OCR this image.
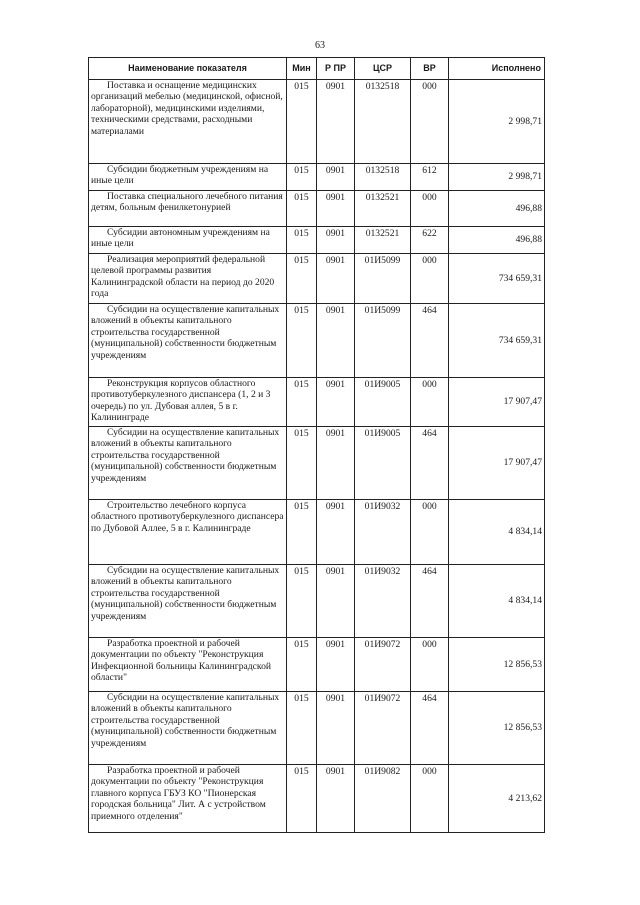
63
Наименование показателя	Мин	Р ПР	ЦСР	ВР	Исполнено

Поставка и оснащение медицинских организаций мебелью (медицинской, офисной, лабораторной), медицинскими изделиями, техническими средствами, расходными материалами	015	0901	0132518	000	2 998,71

Субсидии бюджетным учреждениям на иные цели	015	0901	0132518	612	2 998,71

Поставка специального лечебного питания детям, больным фенилкетонурией	015	0901	0132521	000	496,88

Субсидии автономным учреждениям на иные цели	015	0901	0132521	622	496,88

Реализация мероприятий федеральной целевой программы развития Калининградской области на период до 2020 года	015	0901	01И5099	000	734 659,31

Субсидии на осуществление капитальных вложений в объекты капитального строительства государственной (муниципальной) собственности бюджетным учреждениям	015	0901	01И5099	464	734 659,31

Реконструкция корпусов областного противотуберкулезного диспансера (1, 2 и 3 очередь) по ул. Дубовая аллея, 5 в г. Калининграде	015	0901	01И9005	000	17 907,47

Субсидии на осуществление капитальных вложений в объекты капитального строительства государственной (муниципальной) собственности бюджетным учреждениям	015	0901	01И9005	464	17 907,47

Строительство лечебного корпуса областного противотуберкулезного диспансера по Дубовой Аллее, 5 в г. Калининграде	015	0901	01И9032	000	4 834,14

Субсидии на осуществление капитальных вложений в объекты капитального строительства государственной (муниципальной) собственности бюджетным учреждениям	015	0901	01И9032	464	4 834,14

Разработка проектной и рабочей документации по объекту "Реконструкция Инфекционной больницы Калининградской области"	015	0901	01И9072	000	12 856,53

Субсидии на осуществление капитальных вложений в объекты капитального строительства государственной (муниципальной) собственности бюджетным учреждениям	015	0901	01И9072	464	12 856,53

Разработка проектной и рабочей документации по объекту "Реконструкция главного корпуса ГБУЗ КО "Пионерская городская больница" Лит. А с устройством приемного отделения"	015	0901	01И9082	000	4 213,62
